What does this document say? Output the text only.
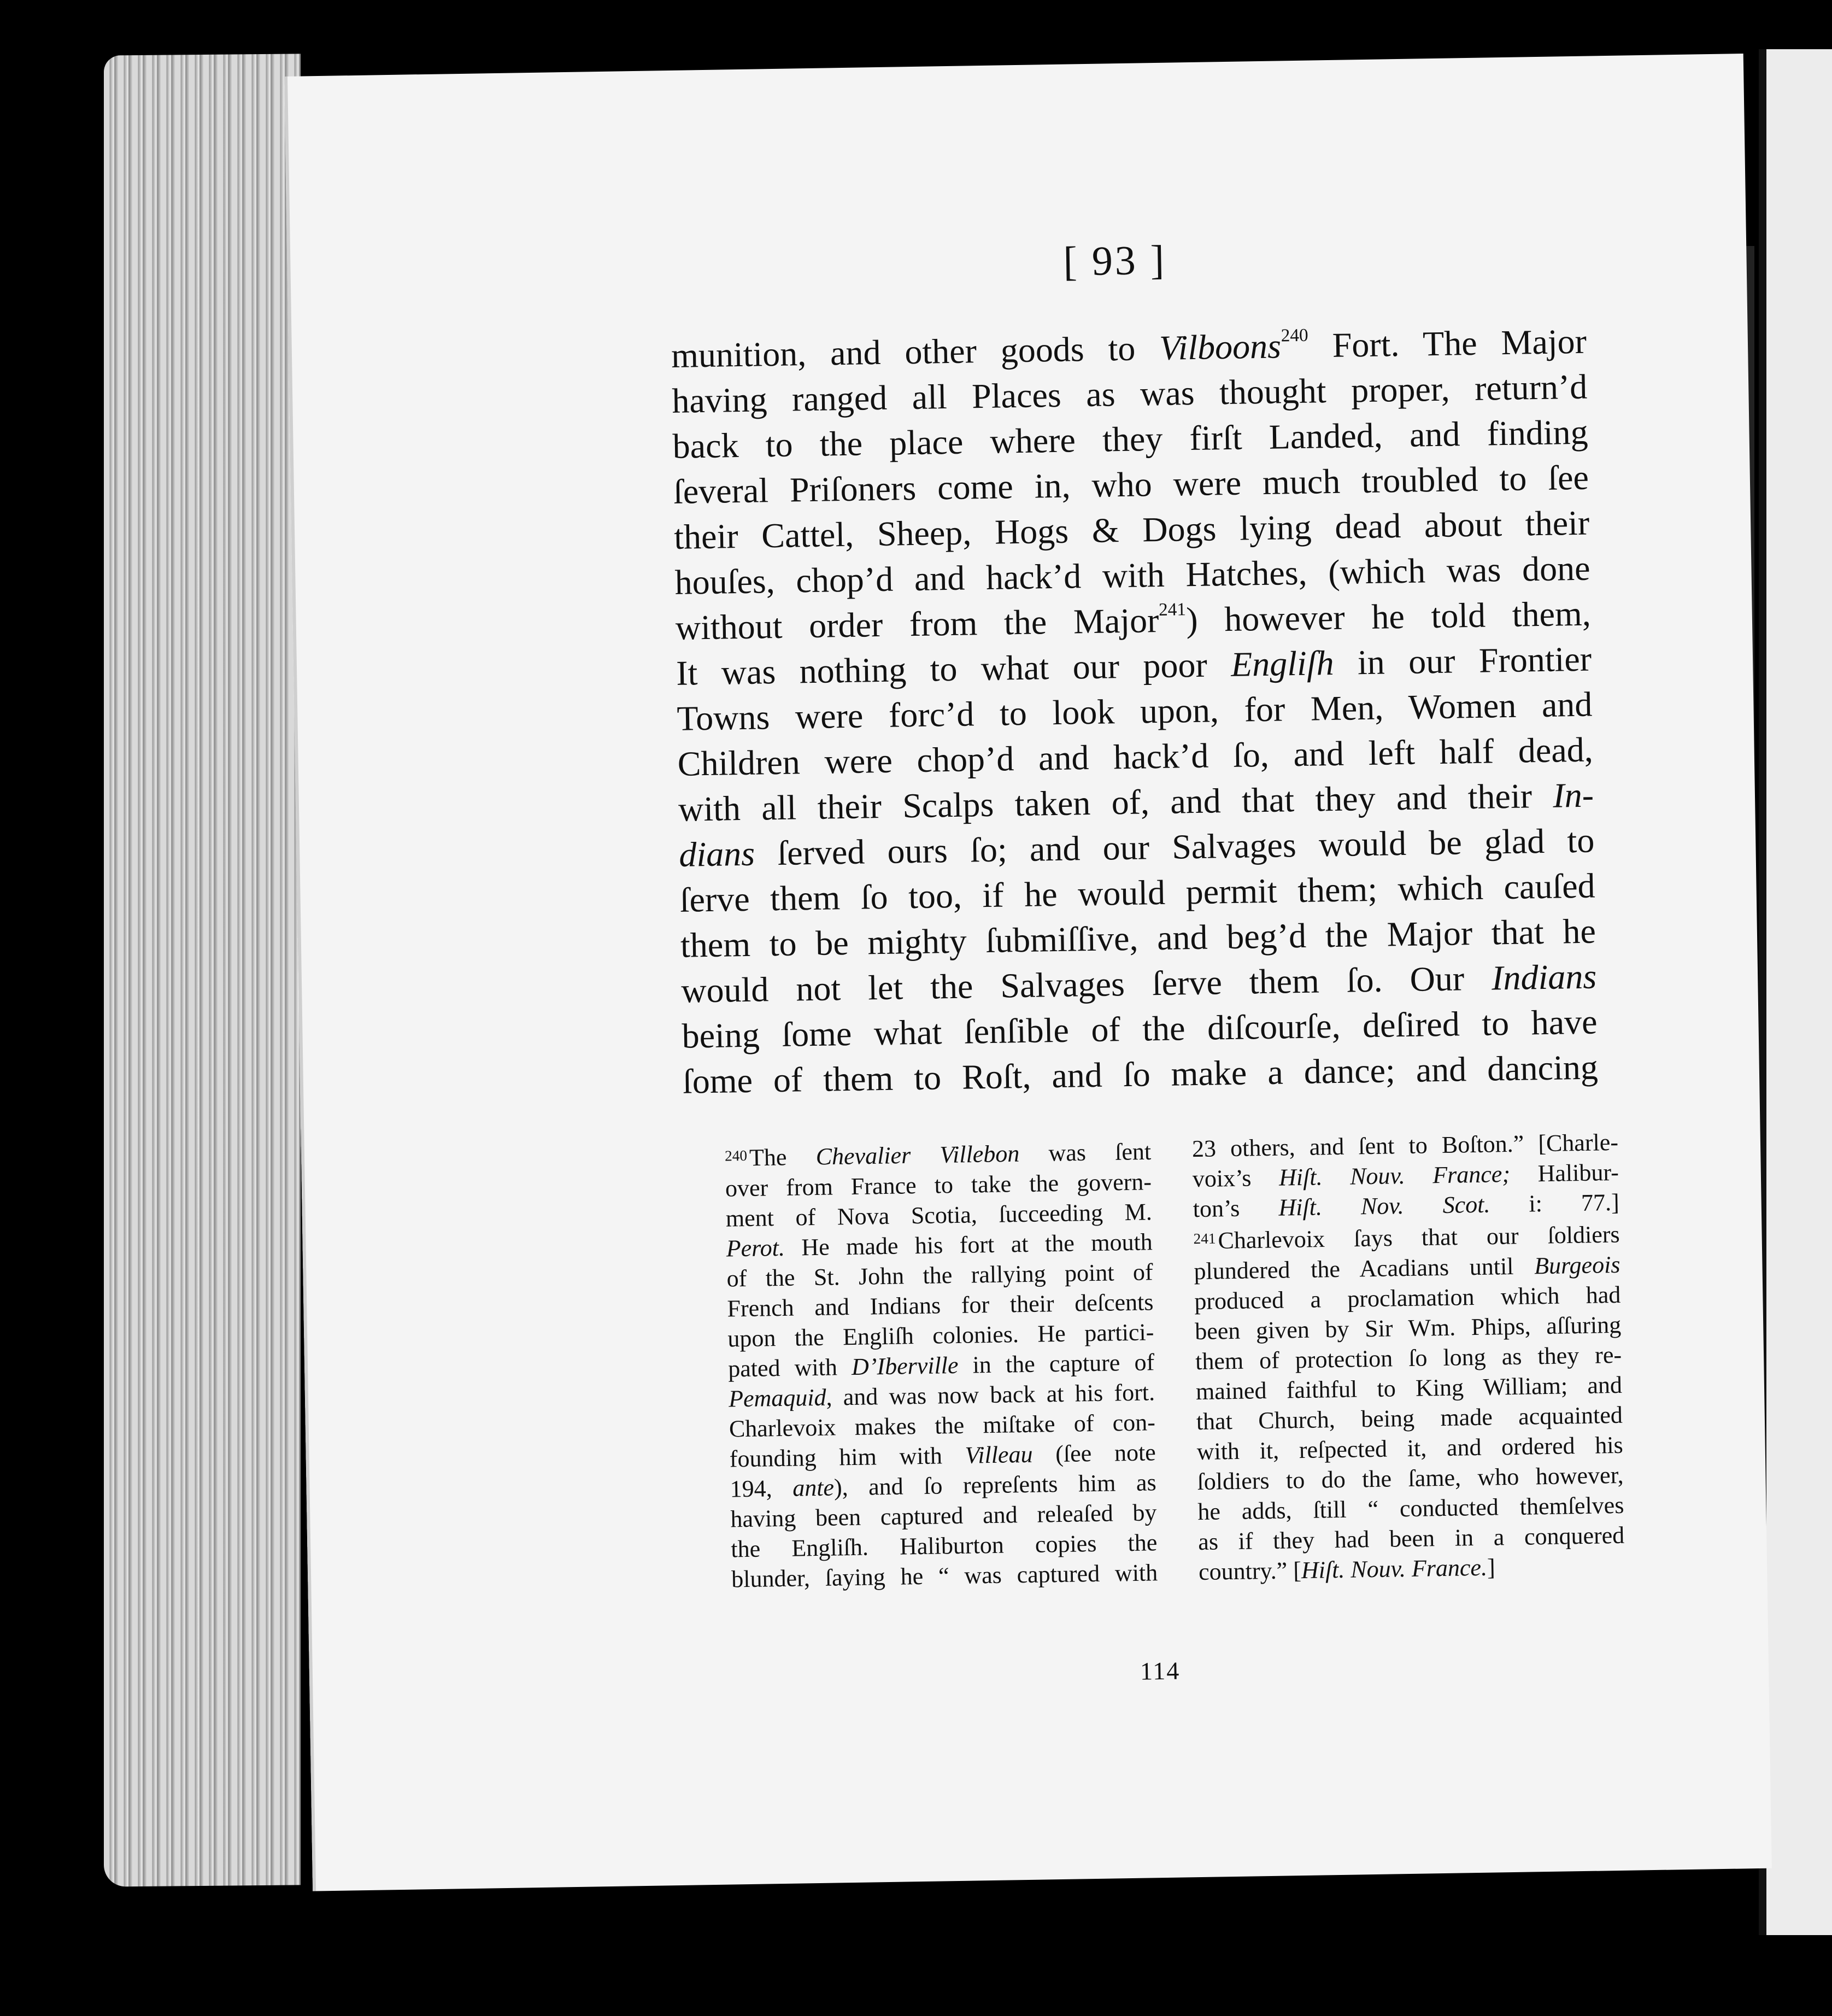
[ 93 ]
munition, and other goods to Vilboons$^{240}$ Fort. The Major
having ranged all Places as was thought proper, return’d
back to the place where they firſt Landed, and finding
ſeveral Priſoners come in, who were much troubled to ſee
their Cattel, Sheep, Hogs & Dogs lying dead about their
houſes, chop’d and hack’d with Hatches, (which was done
without order from the Major$^{241}$) however he told them,
It was nothing to what our poor Engliſh in our Frontier
Towns were forc’d to look upon, for Men, Women and
Children were chop’d and hack’d ſo, and left half dead,
with all their Scalps taken of, and that they and their In-
dians ſerved ours ſo; and our Salvages would be glad to
ſerve them ſo too, if he would permit them; which cauſed
them to be mighty ſubmiſſive, and beg’d the Major that he
would not let the Salvages ſerve them ſo. Our Indians
being ſome what ſenſible of the diſcourſe, deſired to have
ſome of them to Roſt, and ſo make a dance; and dancing
$^{240}$The Chevalier Villebon was ſent
over from France to take the govern-
ment of Nova Scotia, ſucceeding M.
Perot. He made his fort at the mouth
of the St. John the rallying point of
French and Indians for their deſcents
upon the Engliſh colonies. He partici-
pated with D’Iberville in the capture of
Pemaquid, and was now back at his fort.
Charlevoix makes the miſtake of con-
founding him with Villeau (ſee note
194, ante), and ſo repreſents him as
having been captured and releaſed by
the Engliſh. Haliburton copies the
blunder, ſaying he “ was captured with
23 others, and ſent to Boſton.” [Charle-
voix’s Hiſt. Nouv. France; Halibur-
ton’s Hiſt. Nov. Scot. i: 77.]
$^{241}$Charlevoix ſays that our ſoldiers
plundered the Acadians until Burgeois
produced a proclamation which had
been given by Sir Wm. Phips, aſſuring
them of protection ſo long as they re-
mained faithful to King William; and
that Church, being made acquainted
with it, reſpected it, and ordered his
ſoldiers to do the ſame, who however,
he adds, ſtill “ conducted themſelves
as if they had been in a conquered
country.” [Hiſt. Nouv. France.]
114
